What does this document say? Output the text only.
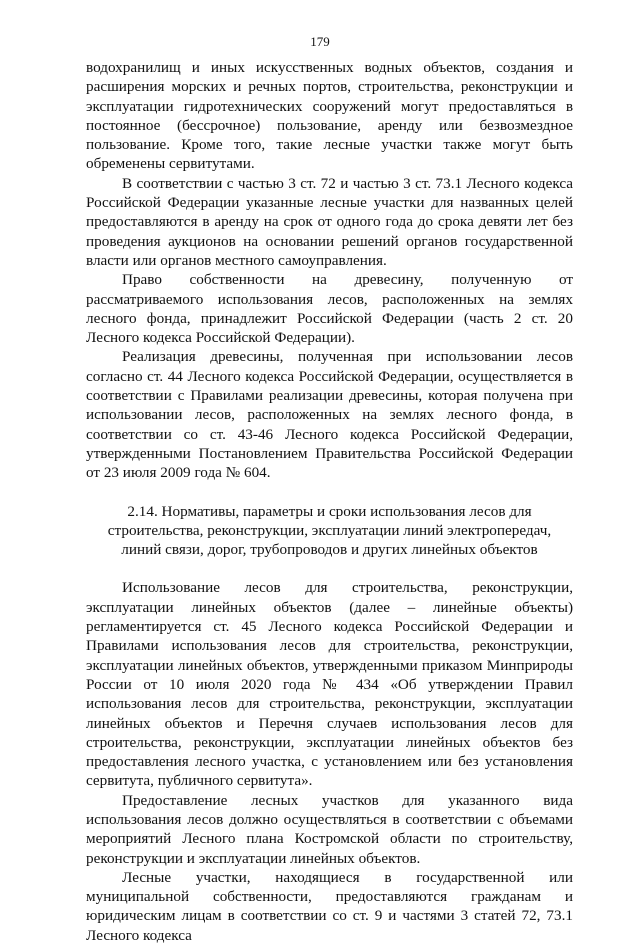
179

водохранилищ и иных искусственных водных объектов, создания и расширения морских и речных портов, строительства, реконструкции и эксплуатации гидротехнических сооружений могут предоставляться в постоянное (бессрочное) пользование, аренду или безвозмездное пользование. Кроме того, такие лесные участки также могут быть обременены сервитутами.

В соответствии с частью 3 ст. 72 и частью 3 ст. 73.1 Лесного кодекса Российской Федерации указанные лесные участки для названных целей предоставляются в аренду на срок от одного года до срока девяти лет без проведения аукционов на основании решений органов государственной власти или органов местного самоуправления.

Право собственности на древесину, полученную от рассматриваемого использования лесов, расположенных на землях лесного фонда, принадлежит Российской Федерации (часть 2 ст. 20 Лесного кодекса Российской Федерации).

Реализация древесины, полученная при использовании лесов согласно ст. 44 Лесного кодекса Российской Федерации, осуществляется в соответствии с Правилами реализации древесины, которая получена при использовании лесов, расположенных на землях лесного фонда, в соответствии со ст. 43-46 Лесного кодекса Российской Федерации, утвержденными Постановлением Правительства Российской Федерации от 23 июля 2009 года № 604.

2.14. Нормативы, параметры и сроки использования лесов для строительства, реконструкции, эксплуатации линий электропередач, линий связи, дорог, трубопроводов и других линейных объектов

Использование лесов для строительства, реконструкции, эксплуатации линейных объектов (далее – линейные объекты) регламентируется ст. 45 Лесного кодекса Российской Федерации и Правилами использования лесов для строительства, реконструкции, эксплуатации линейных объектов, утвержденными приказом Минприроды России от 10 июля 2020 года № 434 «Об утверждении Правил использования лесов для строительства, реконструкции, эксплуатации линейных объектов и Перечня случаев использования лесов для строительства, реконструкции, эксплуатации линейных объектов без предоставления лесного участка, с установлением или без установления сервитута, публичного сервитута».

Предоставление лесных участков для указанного вида использования лесов должно осуществляться в соответствии с объемами мероприятий Лесного плана Костромской области по строительству, реконструкции и эксплуатации линейных объектов.

Лесные участки, находящиеся в государственной или муниципальной собственности, предоставляются гражданам и юридическим лицам в соответствии со ст. 9 и частями 3 статей 72, 73.1 Лесного кодекса
